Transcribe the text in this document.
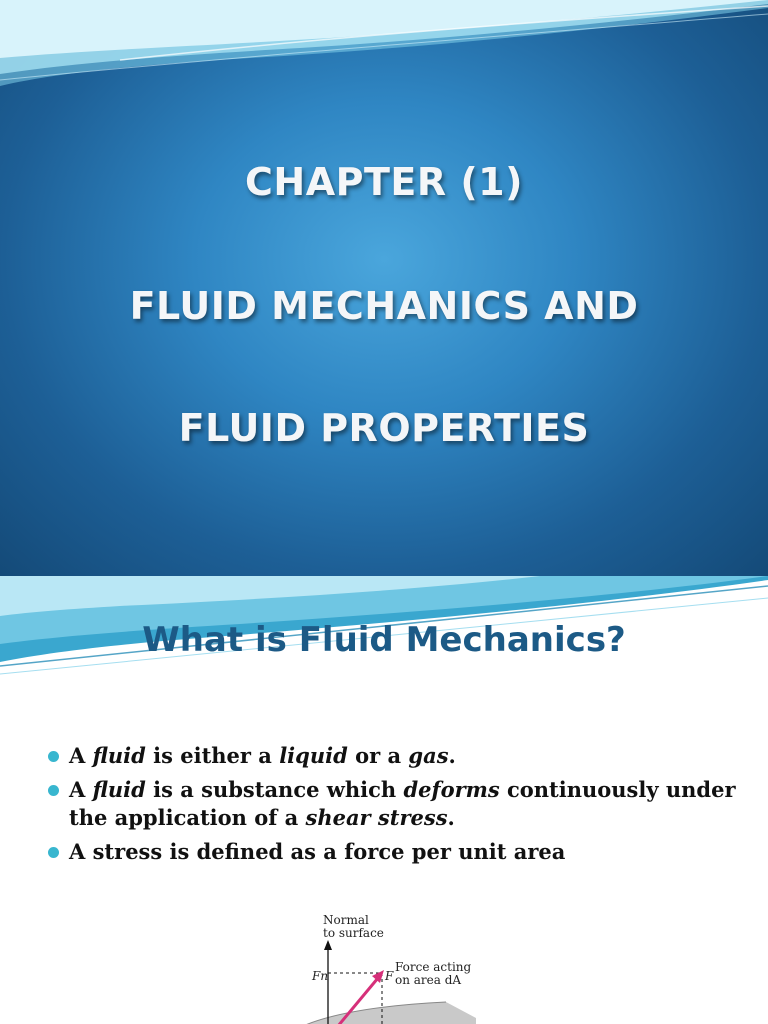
CHAPTER (1)
FLUID MECHANICS AND
FLUID PROPERTIES
What is Fluid Mechanics?
A fluid is either a liquid or a gas.
A fluid is a substance which deforms continuously under the application of a shear stress.
A stress is defined as a force per unit area
Normal
to surface
Force acting
on area dA
Fn	F
